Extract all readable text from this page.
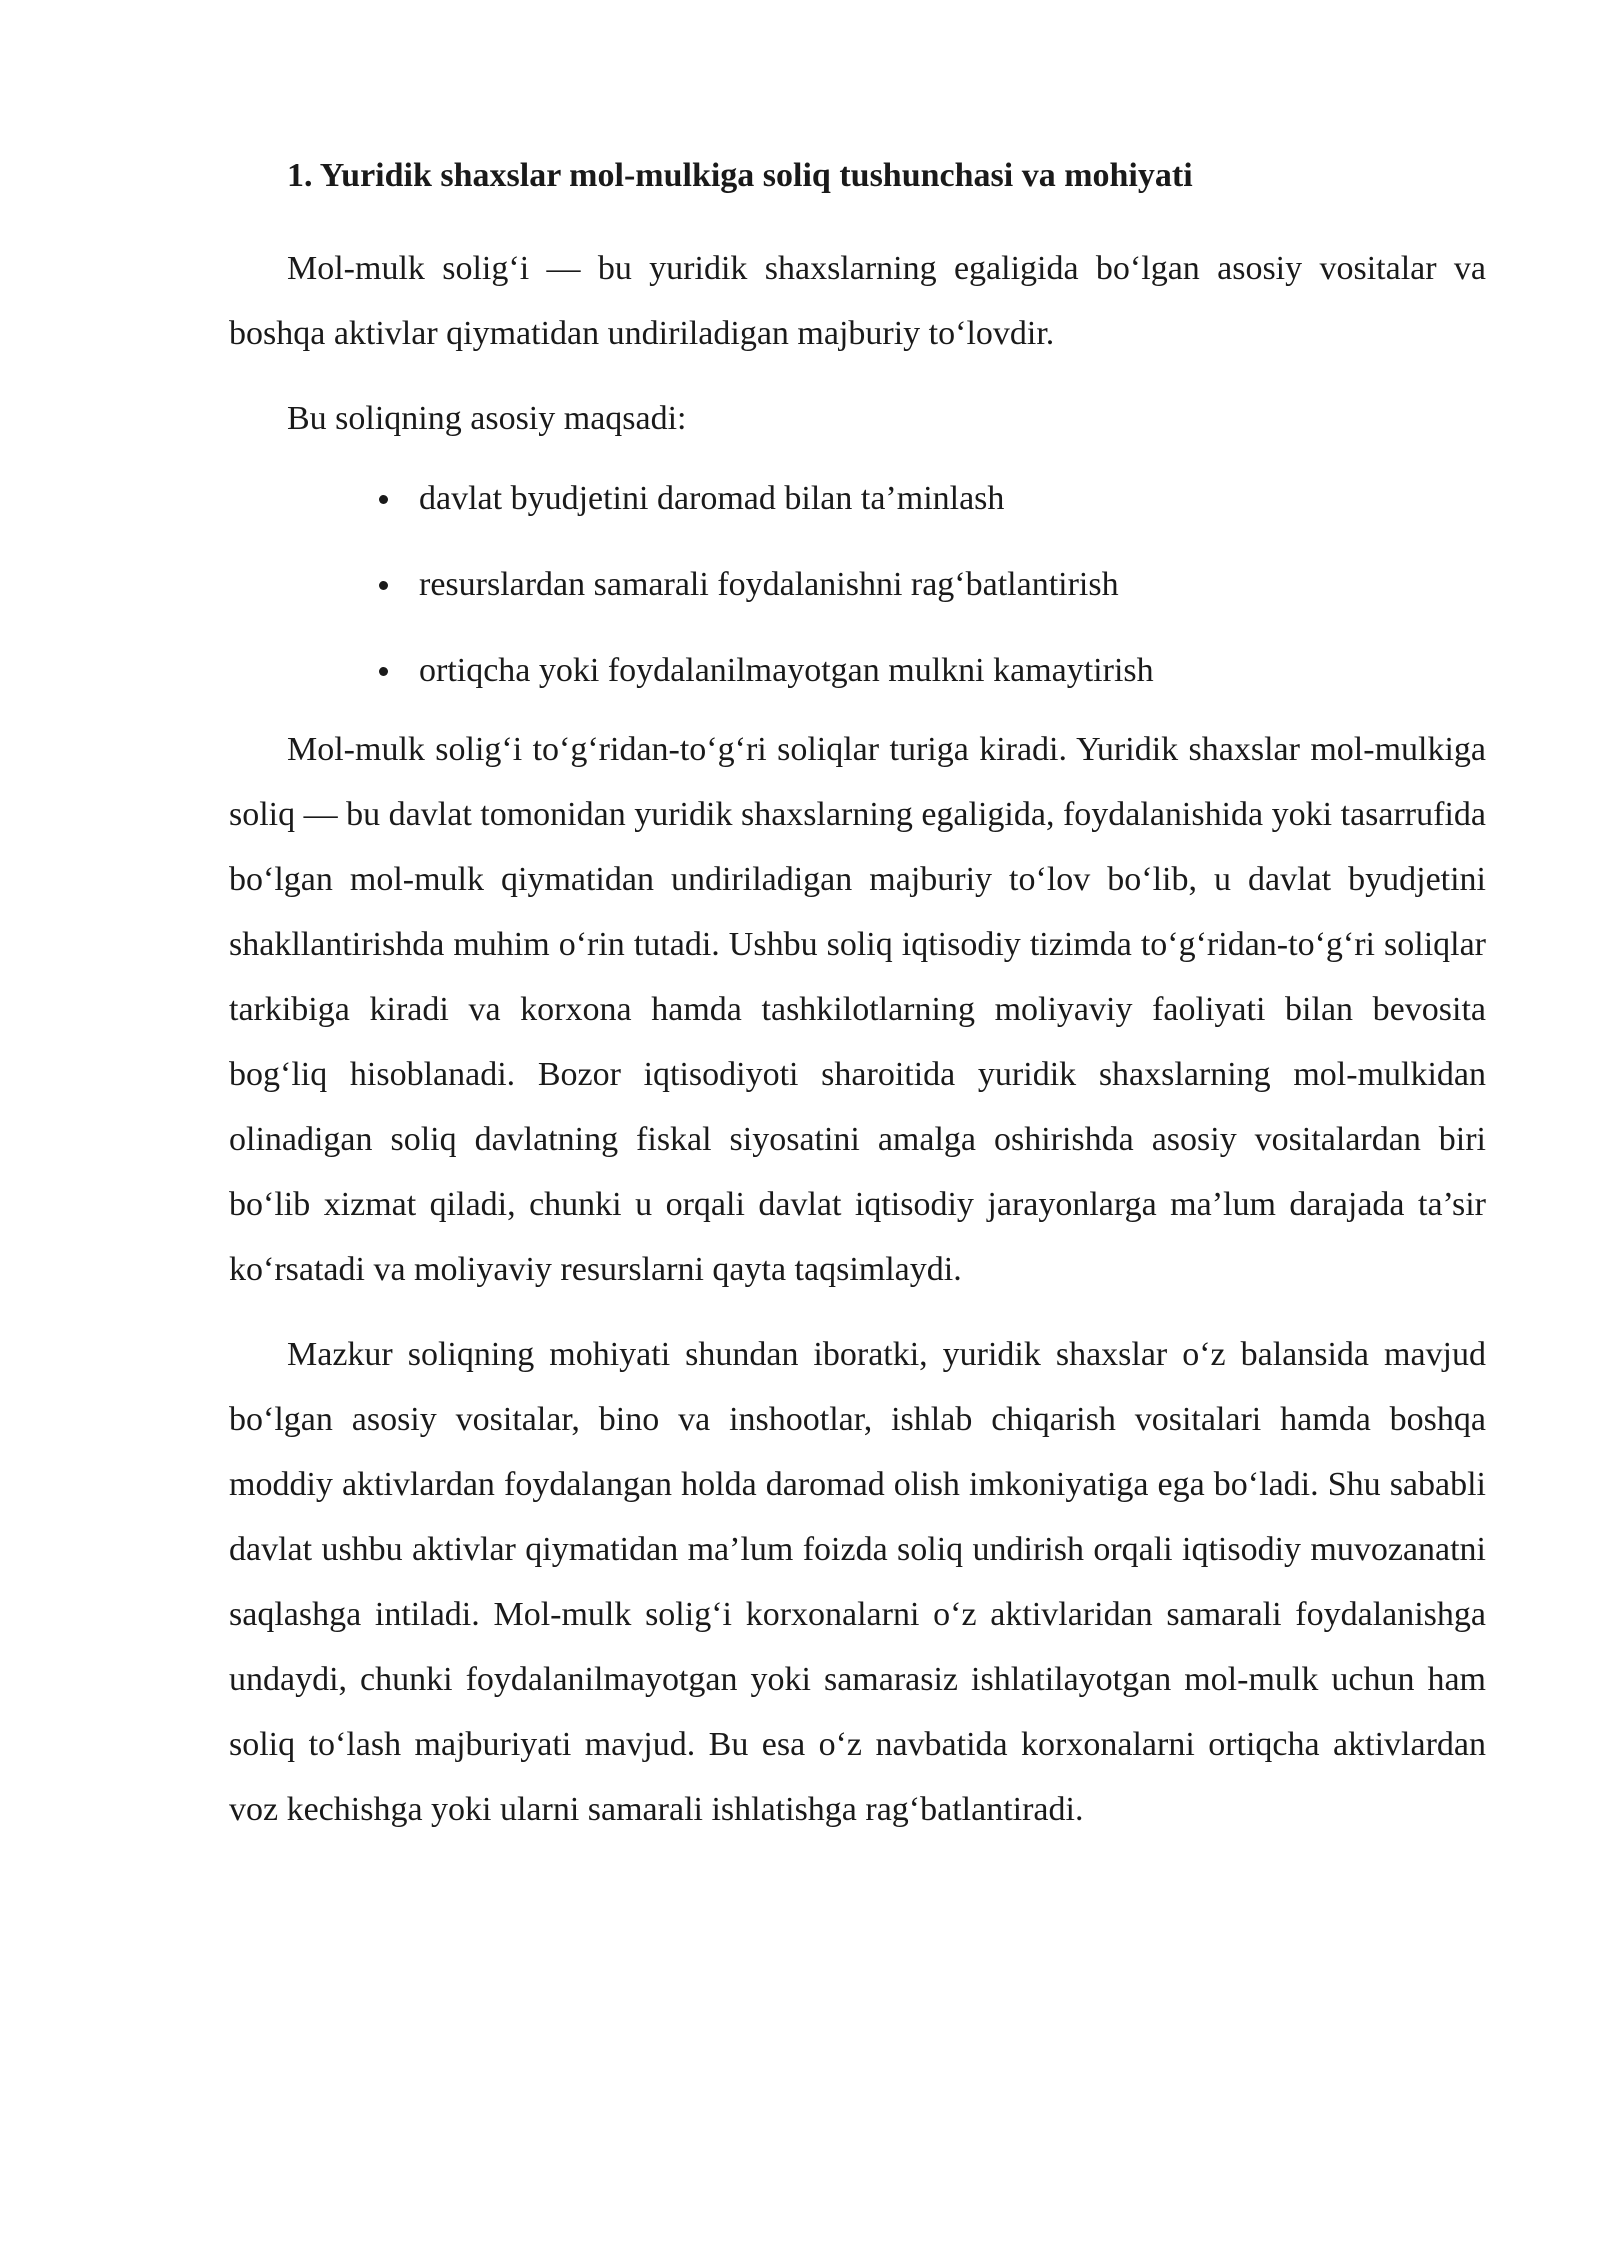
1. Yuridik shaxslar mol-mulkiga soliq tushunchasi va mohiyati

Mol-mulk solig‘i — bu yuridik shaxslarning egaligida bo‘lgan asosiy vositalar va boshqa aktivlar qiymatidan undiriladigan majburiy to‘lovdir.

Bu soliqning asosiy maqsadi:

davlat byudjetini daromad bilan ta’minlash
resurslardan samarali foydalanishni rag‘batlantirish
ortiqcha yoki foydalanilmayotgan mulkni kamaytirish

Mol-mulk solig‘i to‘g‘ridan-to‘g‘ri soliqlar turiga kiradi. Yuridik shaxslar mol-mulkiga soliq — bu davlat tomonidan yuridik shaxslarning egaligida, foydalanishida yoki tasarrufida bo‘lgan mol-mulk qiymatidan undiriladigan majburiy to‘lov bo‘lib, u davlat byudjetini shakllantirishda muhim o‘rin tutadi. Ushbu soliq iqtisodiy tizimda to‘g‘ridan-to‘g‘ri soliqlar tarkibiga kiradi va korxona hamda tashkilotlarning moliyaviy faoliyati bilan bevosita bog‘liq hisoblanadi. Bozor iqtisodiyoti sharoitida yuridik shaxslarning mol-mulkidan olinadigan soliq davlatning fiskal siyosatini amalga oshirishda asosiy vositalardan biri bo‘lib xizmat qiladi, chunki u orqali davlat iqtisodiy jarayonlarga ma’lum darajada ta’sir ko‘rsatadi va moliyaviy resurslarni qayta taqsimlaydi.

Mazkur soliqning mohiyati shundan iboratki, yuridik shaxslar o‘z balansida mavjud bo‘lgan asosiy vositalar, bino va inshootlar, ishlab chiqarish vositalari hamda boshqa moddiy aktivlardan foydalangan holda daromad olish imkoniyatiga ega bo‘ladi. Shu sababli davlat ushbu aktivlar qiymatidan ma’lum foizda soliq undirish orqali iqtisodiy muvozanatni saqlashga intiladi. Mol-mulk solig‘i korxonalarni o‘z aktivlaridan samarali foydalanishga undaydi, chunki foydalanilmayotgan yoki samarasiz ishlatilayotgan mol-mulk uchun ham soliq to‘lash majburiyati mavjud. Bu esa o‘z navbatida korxonalarni ortiqcha aktivlardan voz kechishga yoki ularni samarali ishlatishga rag‘batlantiradi.
